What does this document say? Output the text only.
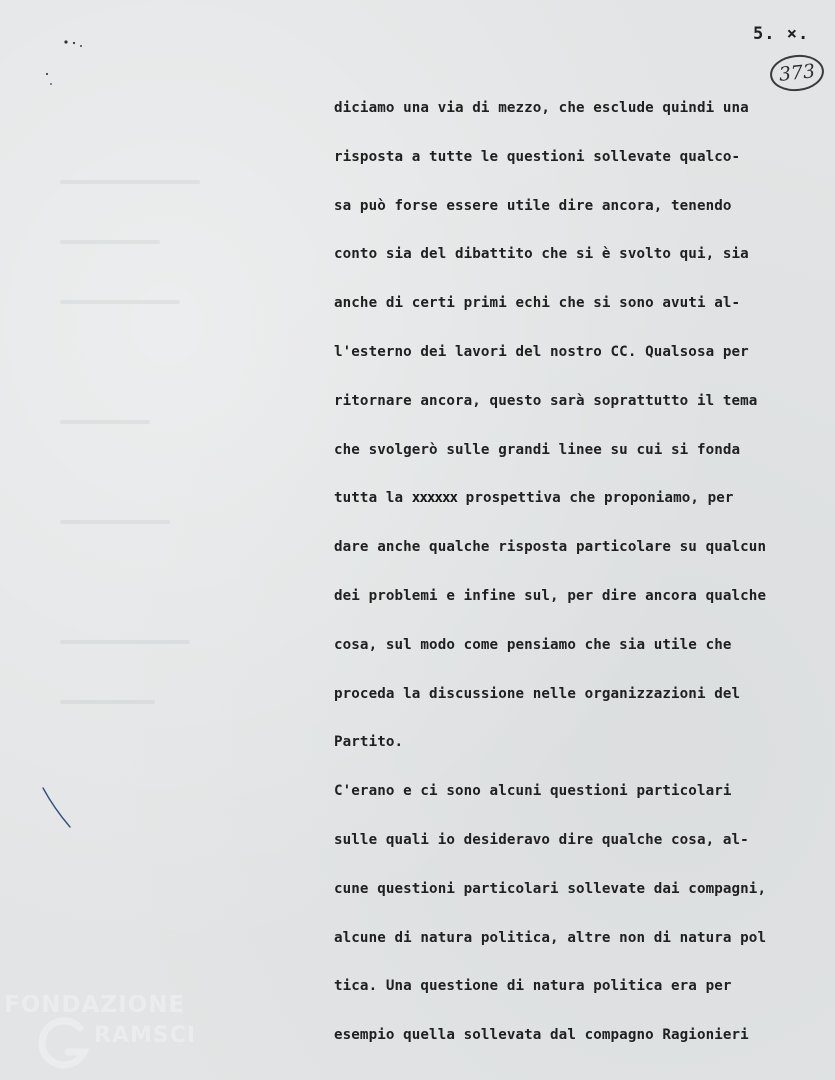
5. ×.
373
diciamo una via di mezzo, che esclude quindi una
risposta a tutte le questioni sollevate qualco-
sa può forse essere utile dire ancora, tenendo
conto sia del dibattito che si è svolto qui, sia
anche di certi primi echi che si sono avuti al-
l'esterno dei lavori del nostro CC. Qualsosa per
ritornare ancora, questo sarà soprattutto il tema
che svolgerò sulle grandi linee su cui si fonda
tutta la xxxxxx prospettiva che proponiamo, per
dare anche qualche risposta particolare su qualcun
dei problemi e infine sul, per dire ancora qualche
cosa, sul modo come pensiamo che sia utile che
proceda la discussione nelle organizzazioni del
Partito.
C'erano e ci sono alcuni questioni particolari
sulle quali io desideravo dire qualche cosa, al-
cune questioni particolari sollevate dai compagni,
alcune di natura politica, altre non di natura pol
tica. Una questione di natura politica era per
esempio quella sollevata dal compagno Ragionieri
FONDAZIONE
RAMSCI
